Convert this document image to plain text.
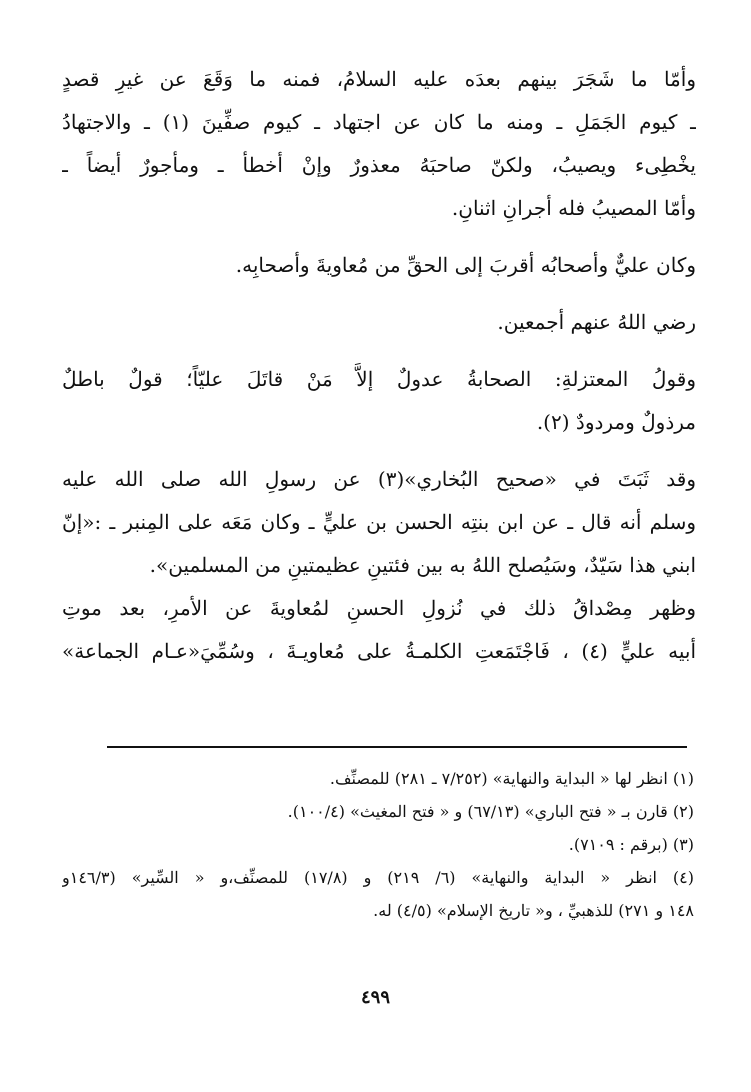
وأمّا ما شَجَرَ بينهم بعدَه عليه السلامُ، فمنه ما وَقَعَ عن غيرِ قصدٍ
ـ كيوم الجَمَلِ ـ ومنه ما كان عن اجتهاد ـ كيوم صفِّينَ (١) ـ والاجتهادُ
يخْطِىء ويصيبُ، ولكنّ صاحبَهُ معذورٌ وإنْ أخطأ ـ ومأجورٌ أيضاً ـ
وأمّا المصيبُ فله أجرانِ اثنانِ.
وكان عليٌّ وأصحابُه أقربَ إلى الحقِّ من مُعاويةَ وأصحابِه.
رضي اللهُ عنهم أجمعين.
وقولُ المعتزلةِ: الصحابةُ عدولٌ إلاَّ مَنْ قاتَلَ عليّاً؛ قولٌ باطلٌ
مرذولٌ ومردودٌ (٢).
وقد ثَبَتَ في «صحيح البُخاري»(٣) عن رسولِ الله صلى الله عليه
وسلم أنه قال ـ عن ابن بنتِه الحسن بن عليٍّ ـ وكان مَعَه على المِنبر ـ :«إنّ
ابني هذا سَيّدٌ، وسَيُصلح اللهُ به بين فئتينِ عظيمتينِ من المسلمين».
وظهر مِصْداقُ ذلك في نُزولِ الحسنِ لمُعاويةَ عن الأمرِ، بعد موتِ
أبيه عليٍّ (٤) ، فَاجْتَمَعتِ الكلمـةُ على مُعاويـةَ ، وسُمِّيَ«عـام الجماعة»
(١) انظر لها « البداية والنهاية» (٧/٢٥٢ ـ ٢٨١) للمصنِّف.
(٢) قارن بـ « فتح الباري» (٦٧/١٣) و « فتح المغيث» (١٠٠/٤).
(٣) (برقم : ٧١٠٩).
(٤) انظر « البداية والنهاية» (٦/ ٢١٩) و (١٧/٨) للمصنِّف،و « السِّير» (١٤٦/٣و
١٤٨ و ٢٧١) للذهبيِّ ، و« تاريخ الإسلام» (٤/٥) له.
٤٩٩
